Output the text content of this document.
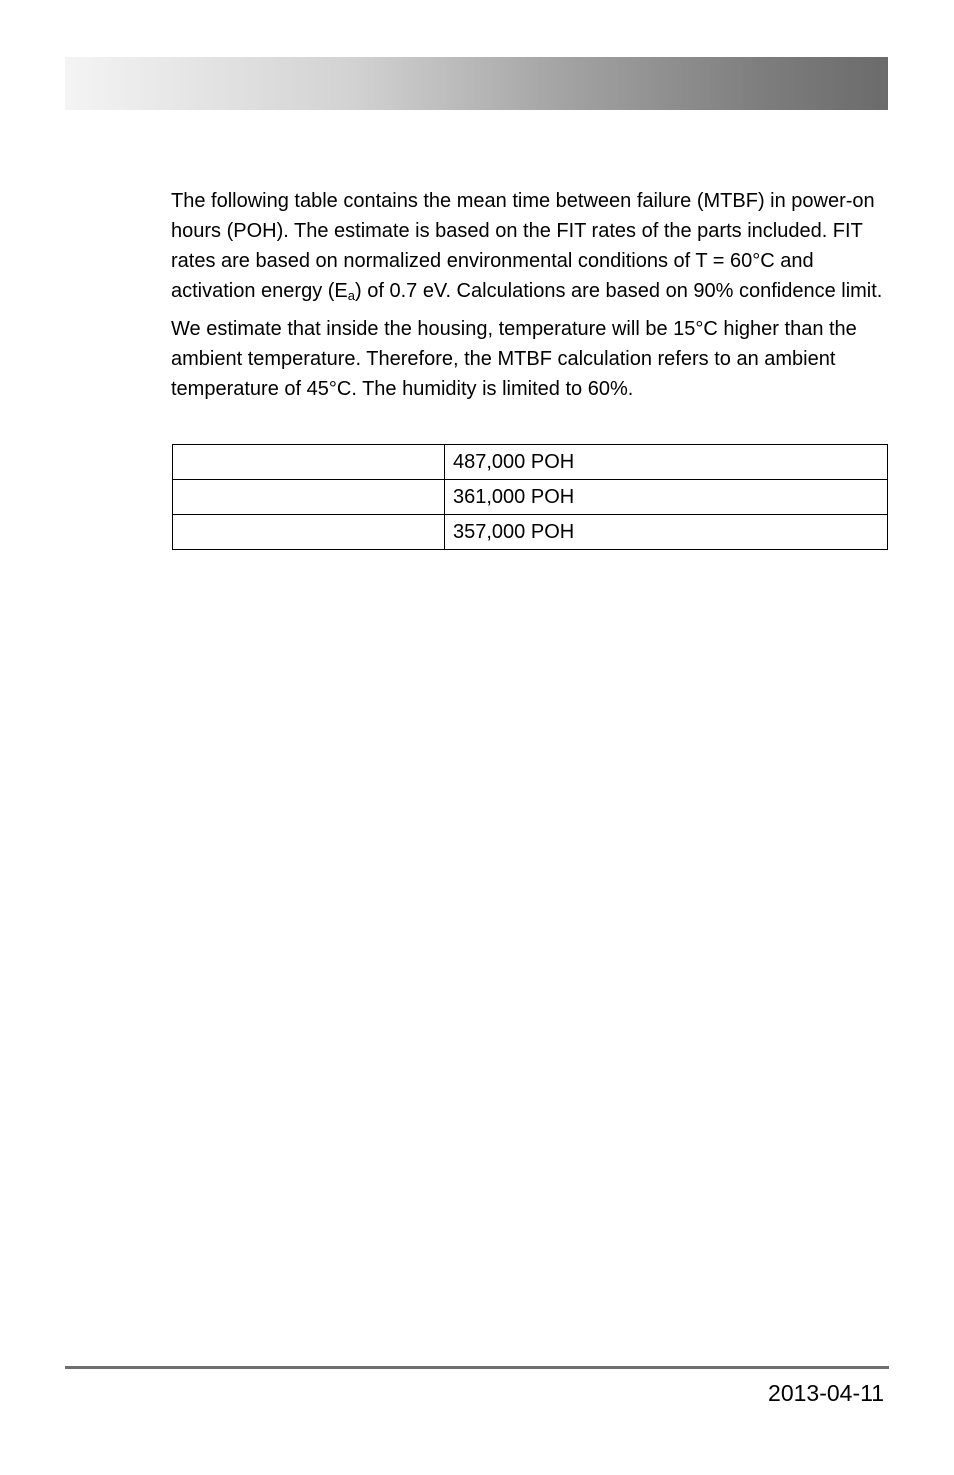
The following table contains the mean time between failure (MTBF) in power-on hours (POH). The estimate is based on the FIT rates of the parts included. FIT rates are based on normalized environmental conditions of T = 60°C and activation energy $(E_a)$ of 0.7 eV. Calculations are based on 90% confidence limit.

We estimate that inside the housing, temperature will be 15°C higher than the ambient temperature. Therefore, the MTBF calculation refers to an ambient temperature of 45°C. The humidity is limited to 60%.

	487,000 POH
	361,000 POH
	357,000 POH
2013-04-11
